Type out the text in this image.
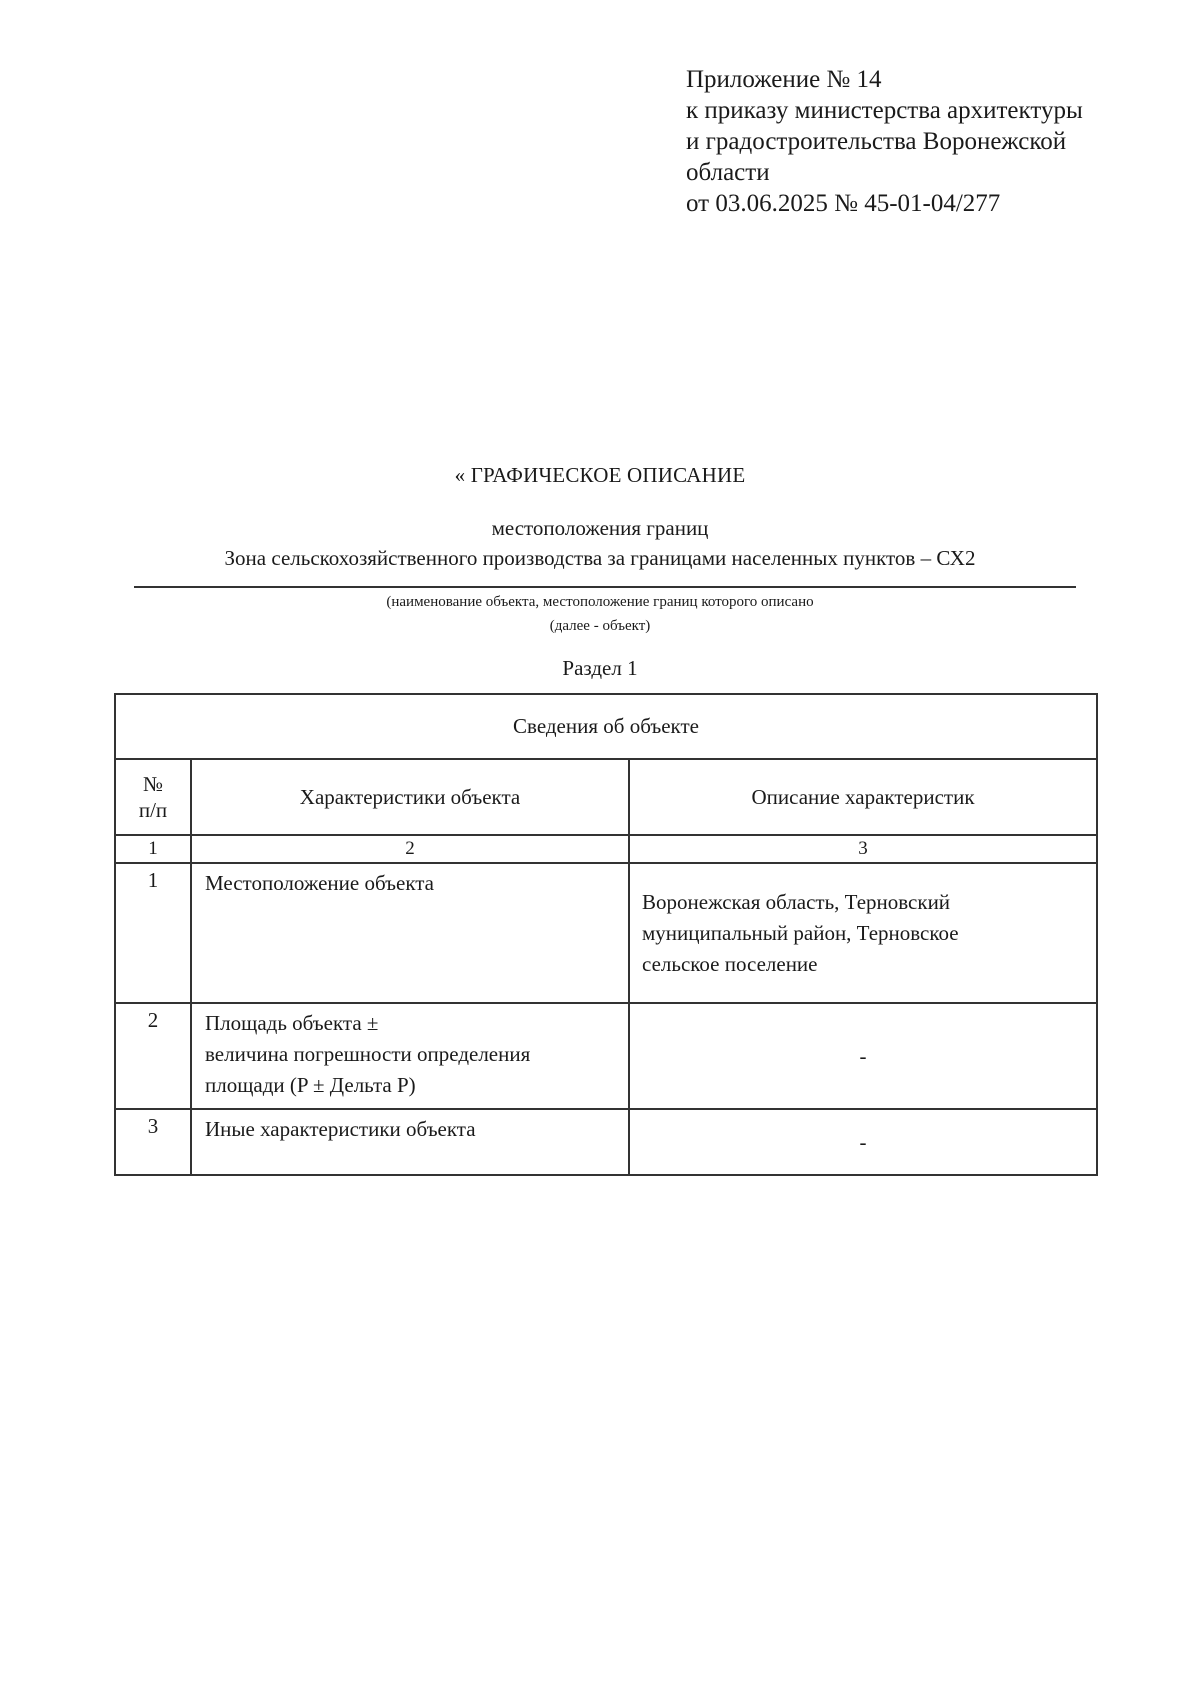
Приложение № 14
к приказу министерства архитектуры
и градостроительства Воронежской
области
от 03.06.2025 № 45-01-04/277
« ГРАФИЧЕСКОЕ ОПИСАНИЕ
местоположения границ
Зона сельскохозяйственного производства за границами населенных пунктов – СХ2
(наименование объекта, местоположение границ которого описано
(далее - объект)
Раздел 1
Сведения об объекте		

№
п/п	Характеристики объекта	Описание характеристик
1	2	3
1	Местоположение объекта	Воронежская область, Терновский
муниципальный район, Терновское
сельское поселение

2	Площадь объекта ±
величина погрешности определения
площади (P ± Дельта P)	-
3	Иные характеристики объекта	-
